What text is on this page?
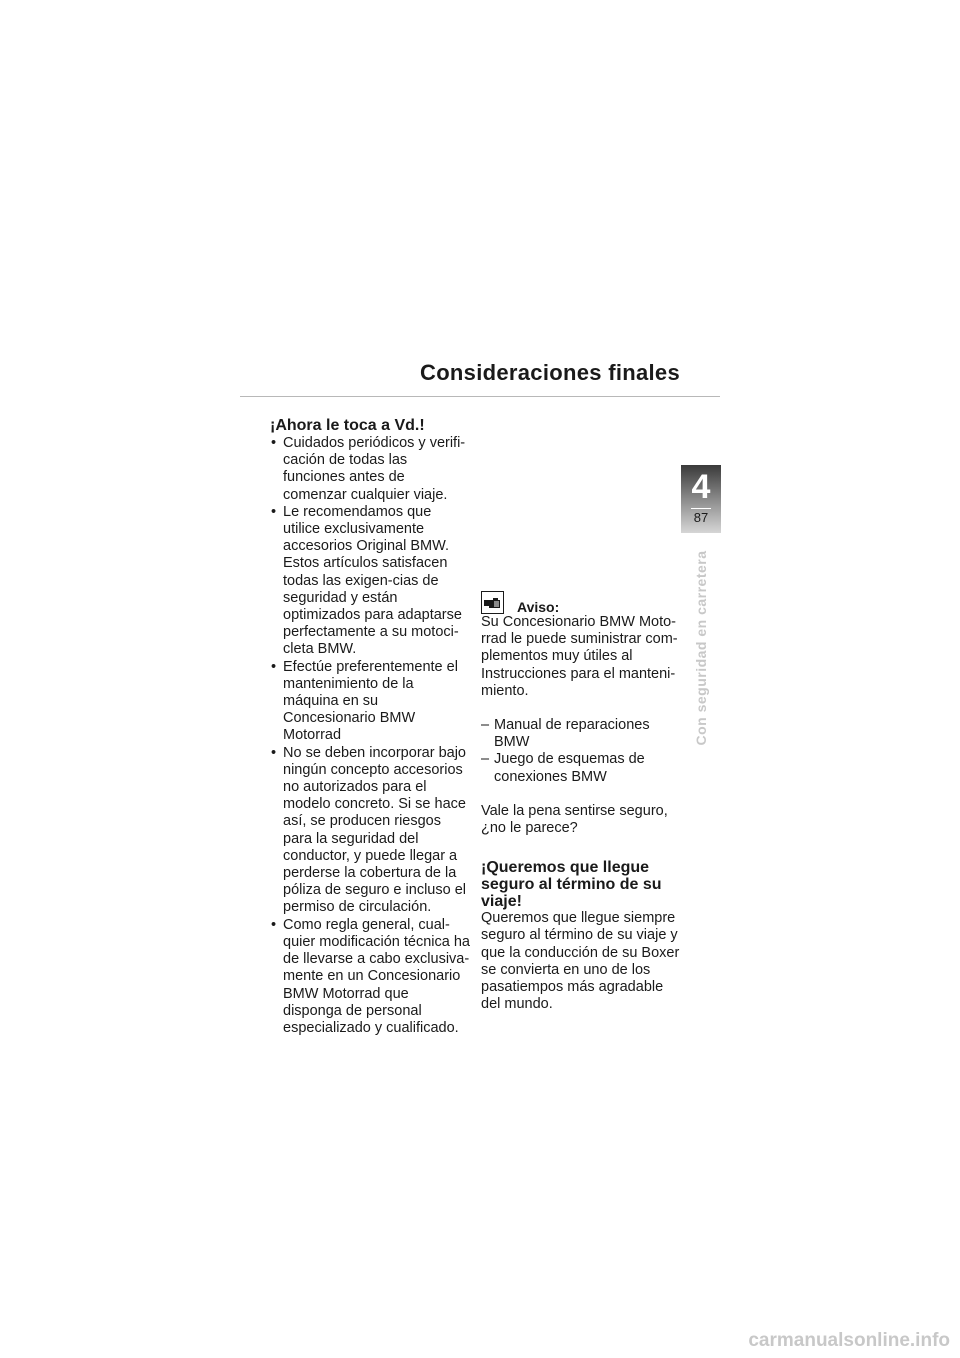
Consideraciones finales
4
87
Con seguridad en carretera
¡Ahora le toca a Vd.!
• Cuidados periódicos y verifi-cación de todas las funciones antes de comenzar cualquier viaje.
• Le recomendamos que utilice exclusivamente accesorios Original BMW. Estos artículos satisfacen todas las exigen-cias de seguridad y están optimizados para adaptarse perfectamente a su motoci-cleta BMW.
• Efectúe preferentemente el mantenimiento de la máquina en su Concesionario BMW Motorrad
• No se deben incorporar bajo ningún concepto accesorios no autorizados para el modelo concreto. Si se hace así, se producen riesgos para la seguridad del conductor, y puede llegar a perderse la cobertura de la póliza de seguro e incluso el permiso de circulación.
• Como regla general, cual-quier modificación técnica ha de llevarse a cabo exclusiva-mente en un Concesionario BMW Motorrad que disponga de personal especializado y cualificado.
Aviso:

Su Concesionario BMW Moto-rrad le puede suministrar com-plementos muy útiles al Instrucciones para el manteni-miento.

– Manual de reparaciones BMW
– Juego de esquemas de conexiones BMW

Vale la pena sentirse seguro, ¿no le parece?

¡Queremos que llegue seguro al término de su viaje!

Queremos que llegue siempre seguro al término de su viaje y que la conducción de su Boxer se convierta en uno de los pasatiempos más agradable del mundo.

carmanualsonline.info
